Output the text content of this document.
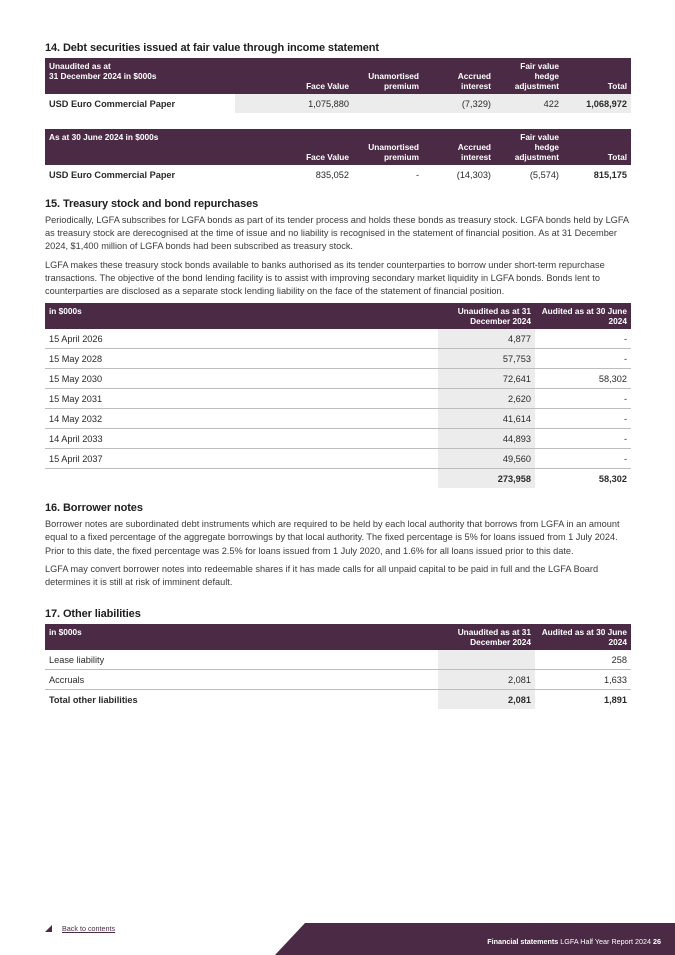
14. Debt securities issued at fair value through income statement
Unaudited as at
31 December 2024 in $000s	Face Value	Unamortised premium	Accrued interest	Fair value hedge adjustment	Total
USD Euro Commercial Paper	1,075,880		(7,329)	422	1,068,972
As at 30 June 2024 in $000s	Face Value	Unamortised premium	Accrued interest	Fair value hedge adjustment	Total
USD Euro Commercial Paper	835,052	-	(14,303)	(5,574)	815,175
15. Treasury stock and bond repurchases

Periodically, LGFA subscribes for LGFA bonds as part of its tender process and holds these bonds as treasury stock. LGFA bonds held by LGFA as treasury stock are derecognised at the time of issue and no liability is recognised in the statement of financial position. As at 31 December 2024, $1,400 million of LGFA bonds had been subscribed as treasury stock.

LGFA makes these treasury stock bonds available to banks authorised as its tender counterparties to borrow under short-term repurchase transactions. The objective of the bond lending facility is to assist with improving secondary market liquidity in LGFA bonds. Bonds lent to counterparties are disclosed as a separate stock lending liability on the face of the statement of financial position.

in $000s	Unaudited as at 31 December 2024	Audited as at 30 June 2024
15 April 2026	4,877	-
15 May 2028	57,753	-
15 May 2030	72,641	58,302
15 May 2031	2,620	-
14 May 2032	41,614	-
14 April 2033	44,893	-
15 April 2037	49,560	-
	273,958	58,302
16. Borrower notes

Borrower notes are subordinated debt instruments which are required to be held by each local authority that borrows from LGFA in an amount equal to a fixed percentage of the aggregate borrowings by that local authority. The fixed percentage is 5% for loans issued from 1 July 2024. Prior to this date, the fixed percentage was 2.5% for loans issued from 1 July 2020, and 1.6% for all loans issued prior to this date.

LGFA may convert borrower notes into redeemable shares if it has made calls for all unpaid capital to be paid in full and the LGFA Board determines it is still at risk of imminent default.

17. Other liabilities
in $000s	Unaudited as at 31 December 2024	Audited as at 30 June 2024
Lease liability		258
Accruals	2,081	1,633
Total other liabilities	2,081	1,891
Back to contents
Financial statements LGFA Half Year Report 2024 26
